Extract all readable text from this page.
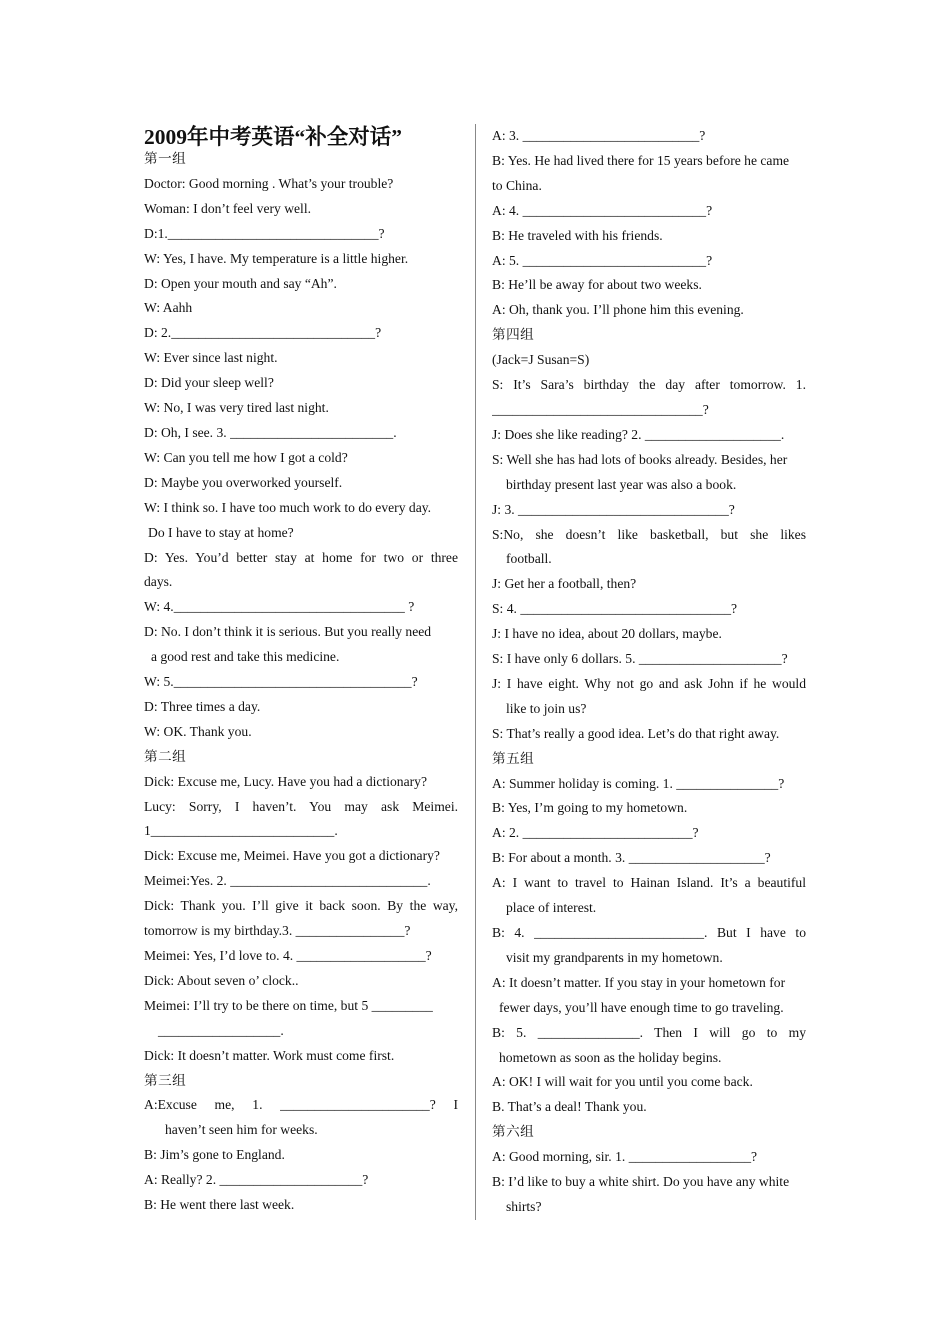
2009年中考英语“补全对话”
第一组
Doctor: Good morning . What’s your trouble?
Woman: I don’t feel very well.
D:1._______________________________?
W: Yes, I have. My temperature is a little higher.
D: Open your mouth and say “Ah”.
W: Aahh
D: 2.______________________________?
W: Ever since last night.
D: Did your sleep well?
W: No, I was very tired last night.
D: Oh, I see. 3. ________________________.
W: Can you tell me how I got a cold?
D: Maybe you overworked yourself.
W: I think so. I have too much work to do every day.
Do I have to stay at home?
D: Yes. You’d better stay at home for two or three
days.
W: 4.__________________________________ ?
D: No. I don’t think it is serious. But you really need
a good rest and take this medicine.
W: 5.___________________________________?
D: Three times a day.
W: OK. Thank you.
第二组
Dick: Excuse me, Lucy. Have you had a dictionary?
Lucy: Sorry, I haven’t. You may ask Meimei.
1___________________________.
Dick: Excuse me, Meimei. Have you got a dictionary?
Meimei:Yes. 2. _____________________________.
Dick: Thank you. I’ll give it back soon. By the way,
tomorrow is my birthday.3. ________________?
Meimei: Yes, I’d love to. 4. ___________________?
Dick: About seven o’ clock..
Meimei: I’ll try to be there on time, but 5 _________
__________________.
Dick: It doesn’t matter. Work must come first.
第三组
A:Excuse me, 1. ______________________? I
haven’t seen him for weeks.
B: Jim’s gone to England.
A: Really? 2. _____________________?
B: He went there last week.
A: 3. __________________________?
B: Yes. He had lived there for 15 years before he came
to China.
A: 4. ___________________________?
B: He traveled with his friends.
A: 5. ___________________________?
B: He’ll be away for about two weeks.
A: Oh, thank you. I’ll phone him this evening.
第四组
(Jack=J Susan=S)
S: It’s Sara’s birthday the day after tomorrow. 1.
_______________________________?
J: Does she like reading? 2. ____________________.
S: Well she has had lots of books already. Besides, her
birthday present last year was also a book.
J: 3. _______________________________?
S:No, she doesn’t like basketball, but she likes
football.
J: Get her a football, then?
S: 4. _______________________________?
J: I have no idea, about 20 dollars, maybe.
S: I have only 6 dollars. 5. _____________________?
J: I have eight. Why not go and ask John if he would
like to join us?
S: That’s really a good idea. Let’s do that right away.
第五组
A: Summer holiday is coming. 1. _______________?
B: Yes, I’m going to my hometown.
A: 2. _________________________?
B: For about a month. 3. ____________________?
A: I want to travel to Hainan Island. It’s a beautiful
place of interest.
B: 4. _________________________. But I have to
visit my grandparents in my hometown.
A: It doesn’t matter. If you stay in your hometown for
fewer days, you’ll have enough time to go traveling.
B: 5. _______________. Then I will go to my
hometown as soon as the holiday begins.
A: OK! I will wait for you until you come back.
B. That’s a deal! Thank you.
第六组
A: Good morning, sir. 1. __________________?
B: I’d like to buy a white shirt. Do you have any white
shirts?
